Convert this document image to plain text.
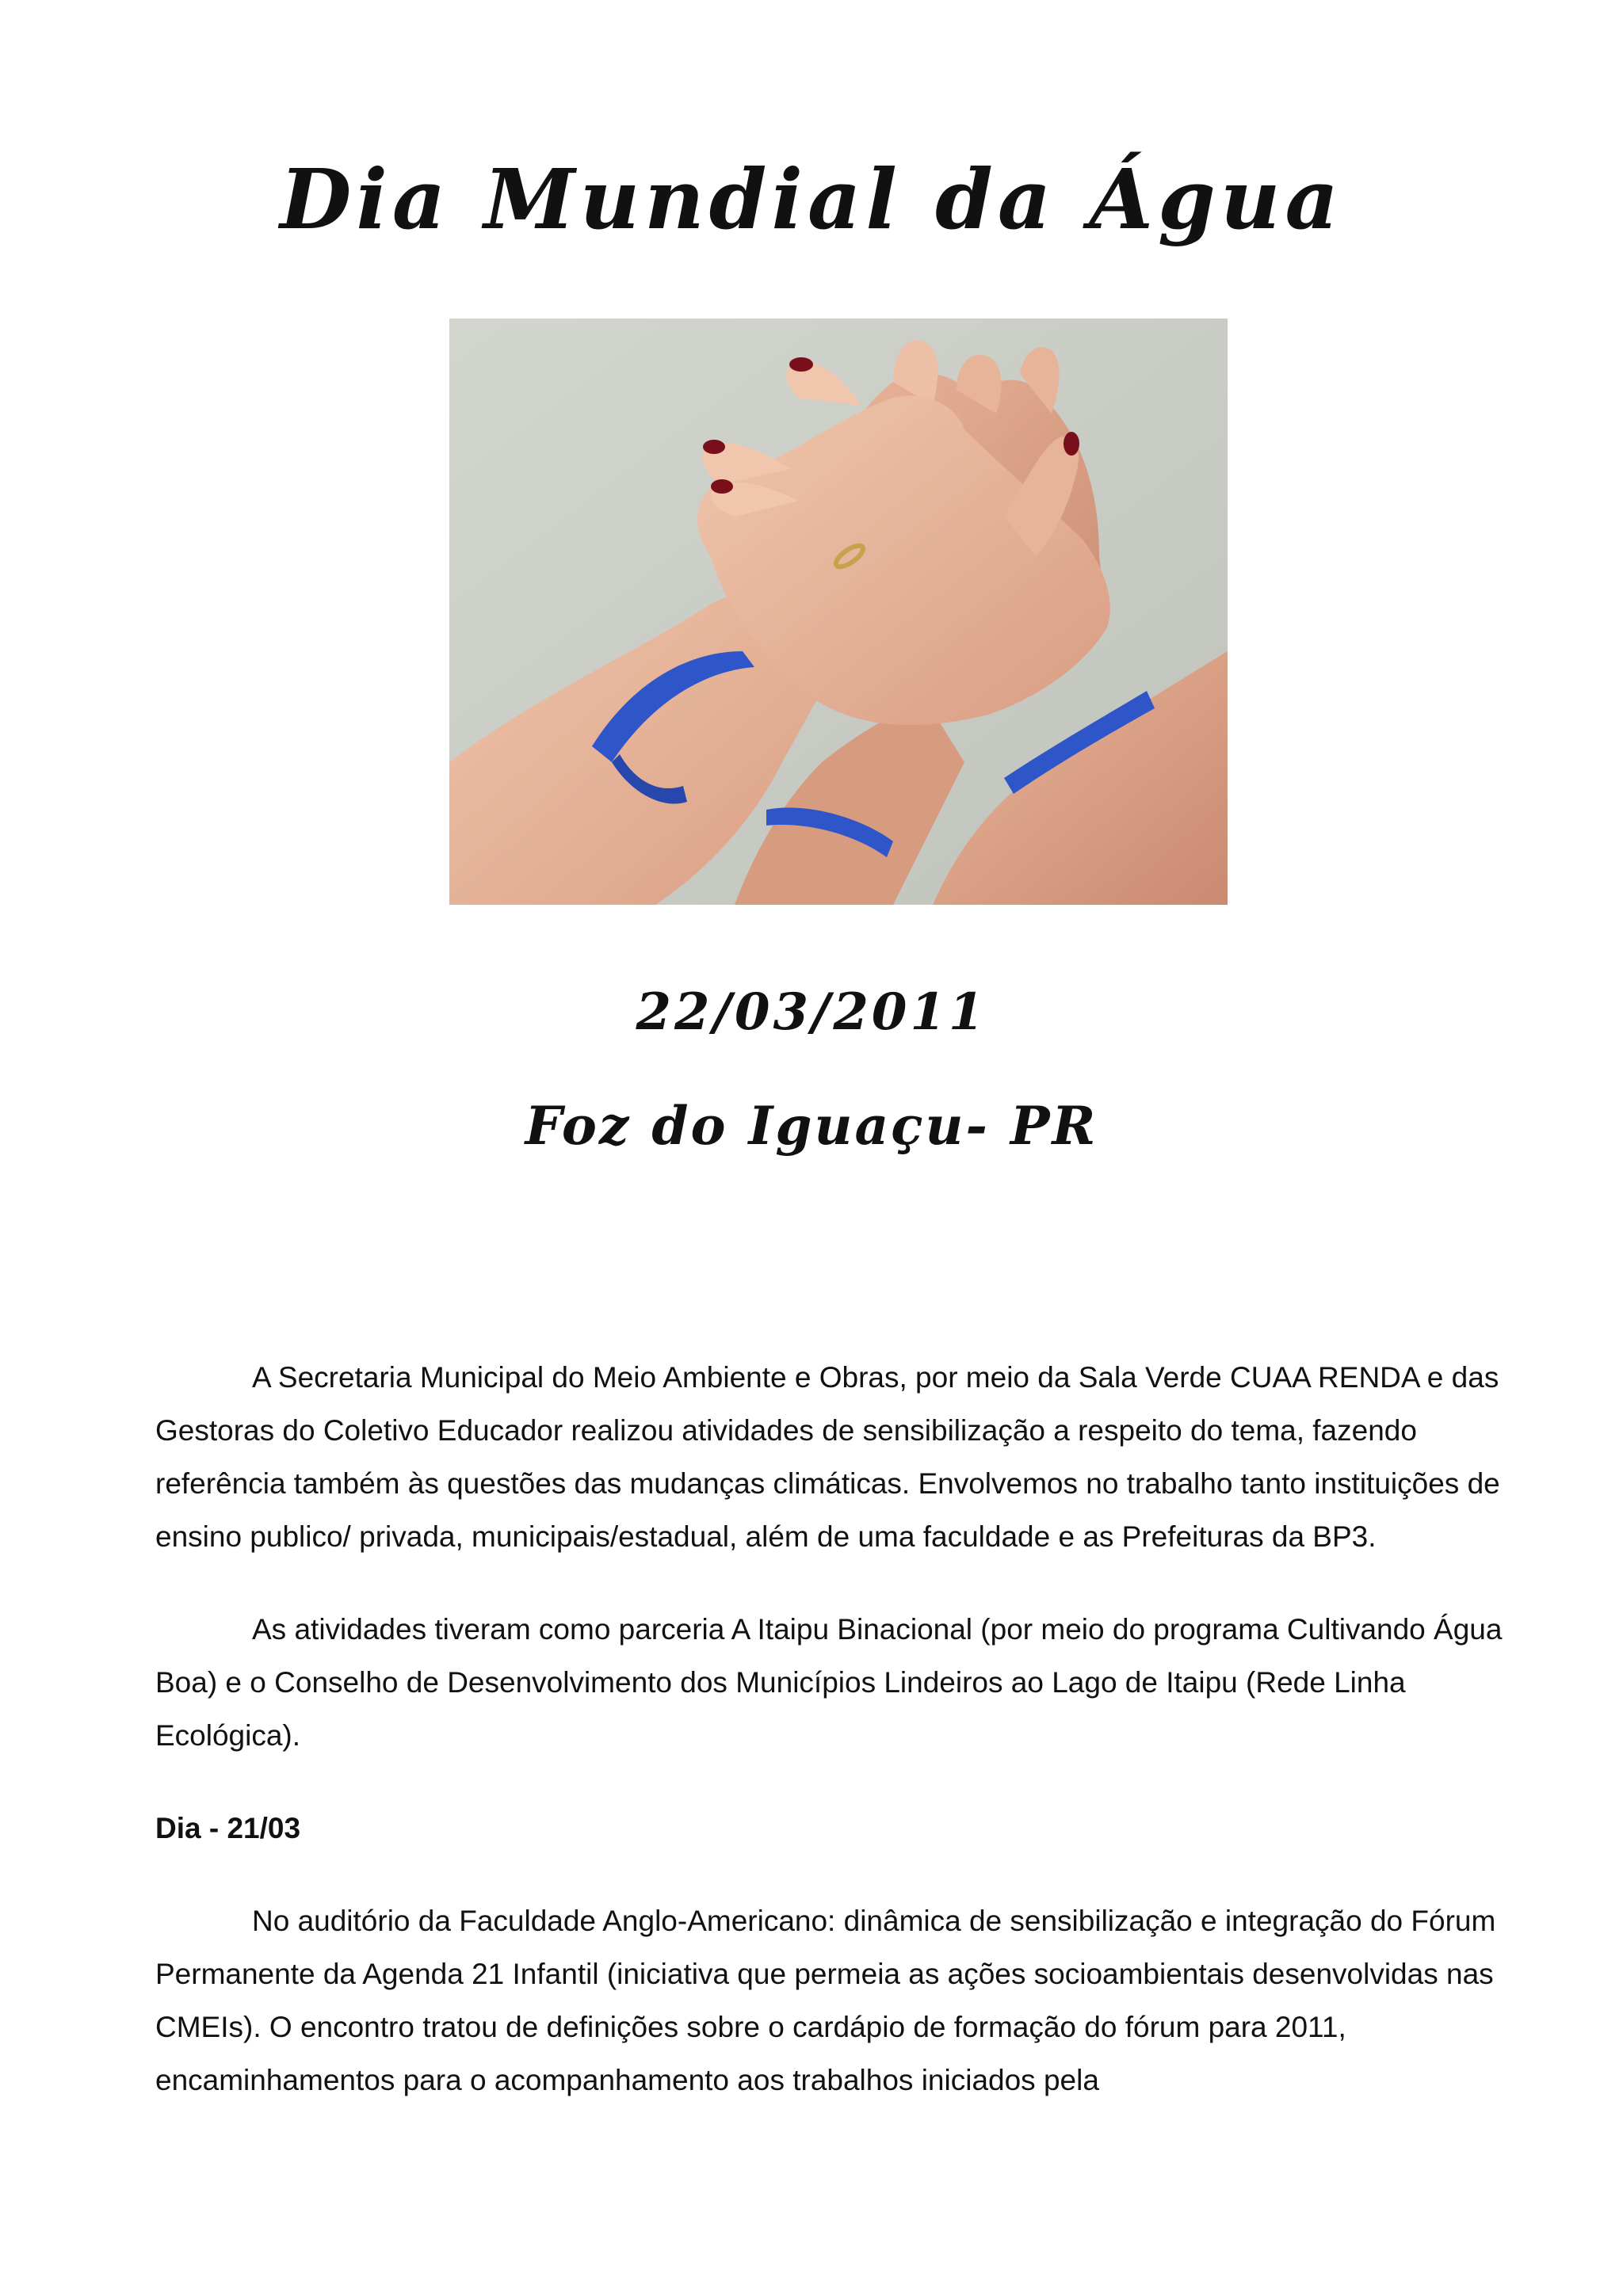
Dia Mundial da Água
22/03/2011
Foz do Iguaçu- PR

A Secretaria Municipal do Meio Ambiente e Obras, por meio da Sala Verde CUAA RENDA e das Gestoras do Coletivo Educador realizou atividades de sensibilização a respeito do tema, fazendo referência também às questões das mudanças climáticas. Envolvemos no trabalho tanto instituições de ensino publico/ privada, municipais/estadual, além de uma faculdade e as Prefeituras da BP3.

As atividades tiveram como parceria A Itaipu Binacional (por meio do programa Cultivando Água Boa) e o Conselho de Desenvolvimento dos Municípios Lindeiros ao Lago de Itaipu (Rede Linha Ecológica).

Dia - 21/03

No auditório da Faculdade Anglo-Americano: dinâmica de sensibilização e integração do Fórum Permanente da Agenda 21 Infantil (iniciativa que permeia as ações socioambientais desenvolvidas nas CMEIs). O encontro tratou de definições sobre o cardápio de formação do fórum para 2011, encaminhamentos para o acompanhamento aos trabalhos iniciados pela
